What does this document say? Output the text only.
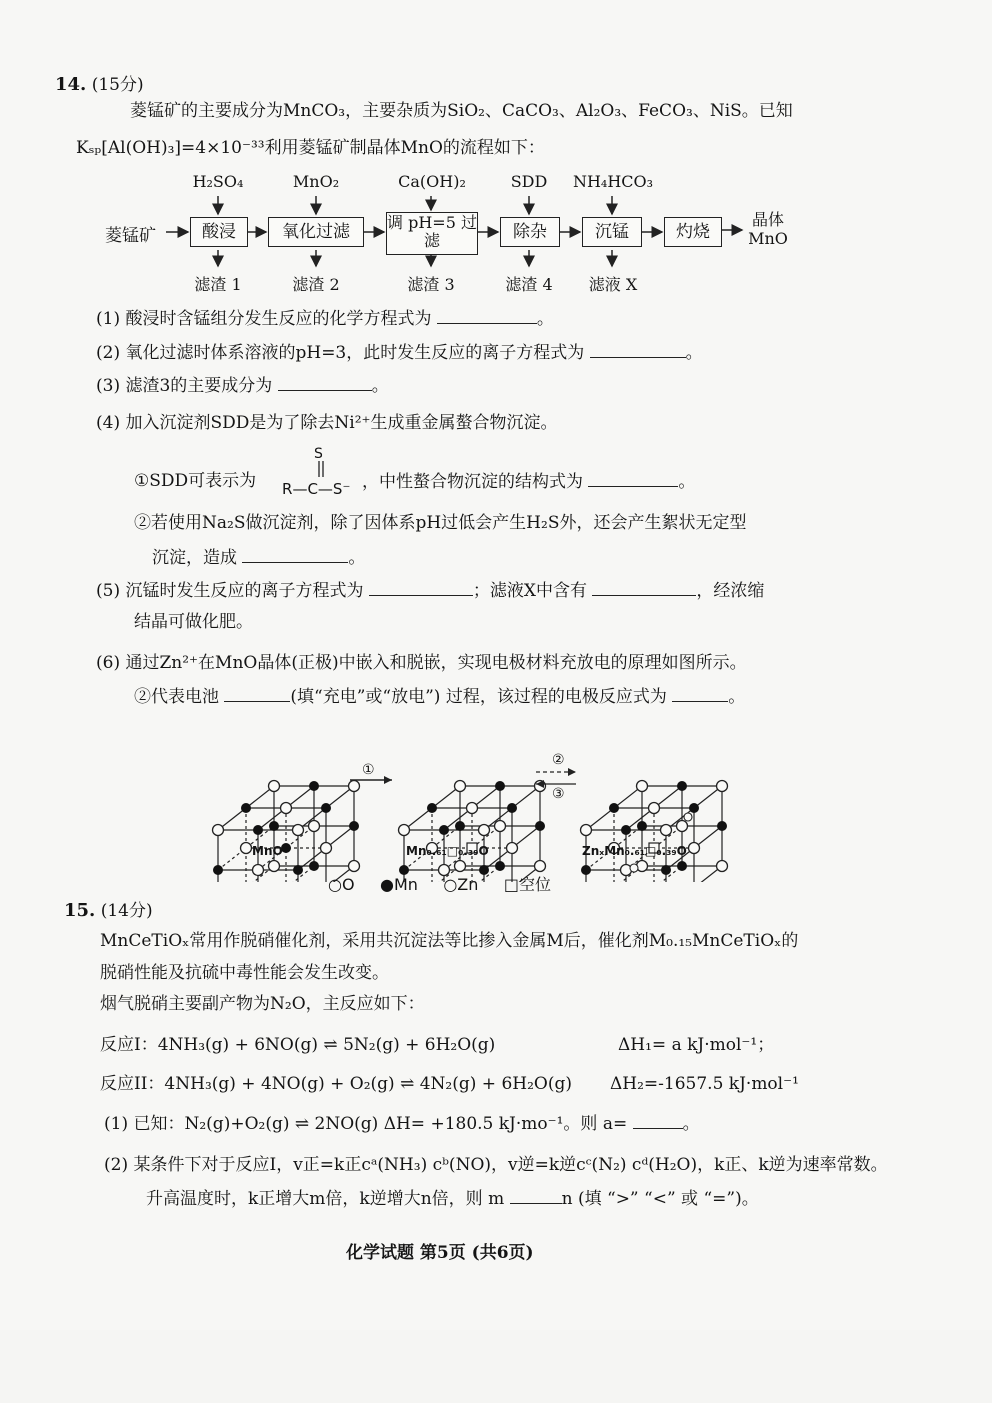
14. (15分)
菱锰矿的主要成分为MnCO₃，主要杂质为SiO₂、CaCO₃、Al₂O₃、FeCO₃、NiS。已知
Kₛₚ[Al(OH)₃]=4×10⁻³³利用菱锰矿制晶体MnO的流程如下：
菱锰矿
H₂SO₄	MnO₂	Ca(OH)₂	SDD	NH₄HCO₃
酸浸	氧化过滤	调 pH=5 过滤	除杂	沉锰	灼烧
晶体 MnO
滤渣 1	滤渣 2	滤渣 3	滤渣 4	滤液 X
(1) 酸浸时含锰组分发生反应的化学方程式为	。
(2) 氧化过滤时体系溶液的pH=3，此时发生反应的离子方程式为	。
(3) 滤渣3的主要成分为	。
(4) 加入沉淀剂SDD是为了除去Ni²⁺生成重金属螯合物沉淀。
①SDD可表示为
S
R—C—S⁻ ，中性螯合物沉淀的结构式为	。
②若使用Na₂S做沉淀剂，除了因体系pH过低会产生H₂S外，还会产生絮状无定型
沉淀，造成	。
(5) 沉锰时发生反应的离子方程式为	；滤液X中含有	，经浓缩
结晶可做化肥。
(6) 通过Zn²⁺在MnO晶体(正极)中嵌入和脱嵌，实现电极材料充放电的原理如图所示。
②代表电池	(填“充电”或“放电”) 过程，该过程的电极反应式为	。
MnO	Mn₀.₆₁□₀.₃₉O	ZnₓMn₀.₆₁□₀.₃₉O
①
②
③
○O ●Mn ○Zn □空位
15. (14分)
MnCeTiOₓ常用作脱硝催化剂，采用共沉淀法等比掺入金属M后，催化剂M₀.₁₅MnCeTiOₓ的
脱硝性能及抗硫中毒性能会发生改变。
烟气脱硝主要副产物为N₂O，主反应如下：
反应I：4NH₃(g) + 6NO(g) ⇌ 5N₂(g) + 6H₂O(g)	ΔH₁= a kJ·mol⁻¹；
反应II：4NH₃(g) + 4NO(g) + O₂(g) ⇌ 4N₂(g) + 6H₂O(g) ΔH₂=-1657.5 kJ·mol⁻¹
(1) 已知：N₂(g)+O₂(g) ⇌ 2NO(g) ΔH= +180.5 kJ·mo⁻¹。则 a=	。
(2) 某条件下对于反应I，v正=k正cᵃ(NH₃) cᵇ(NO)，v逆=k逆cᶜ(N₂) cᵈ(H₂O)，k正、k逆为速率常数。
升高温度时，k正增大m倍，k逆增大n倍，则 m	n (填 “>” “<” 或 “=”)。
化学试题 第5页 (共6页)
